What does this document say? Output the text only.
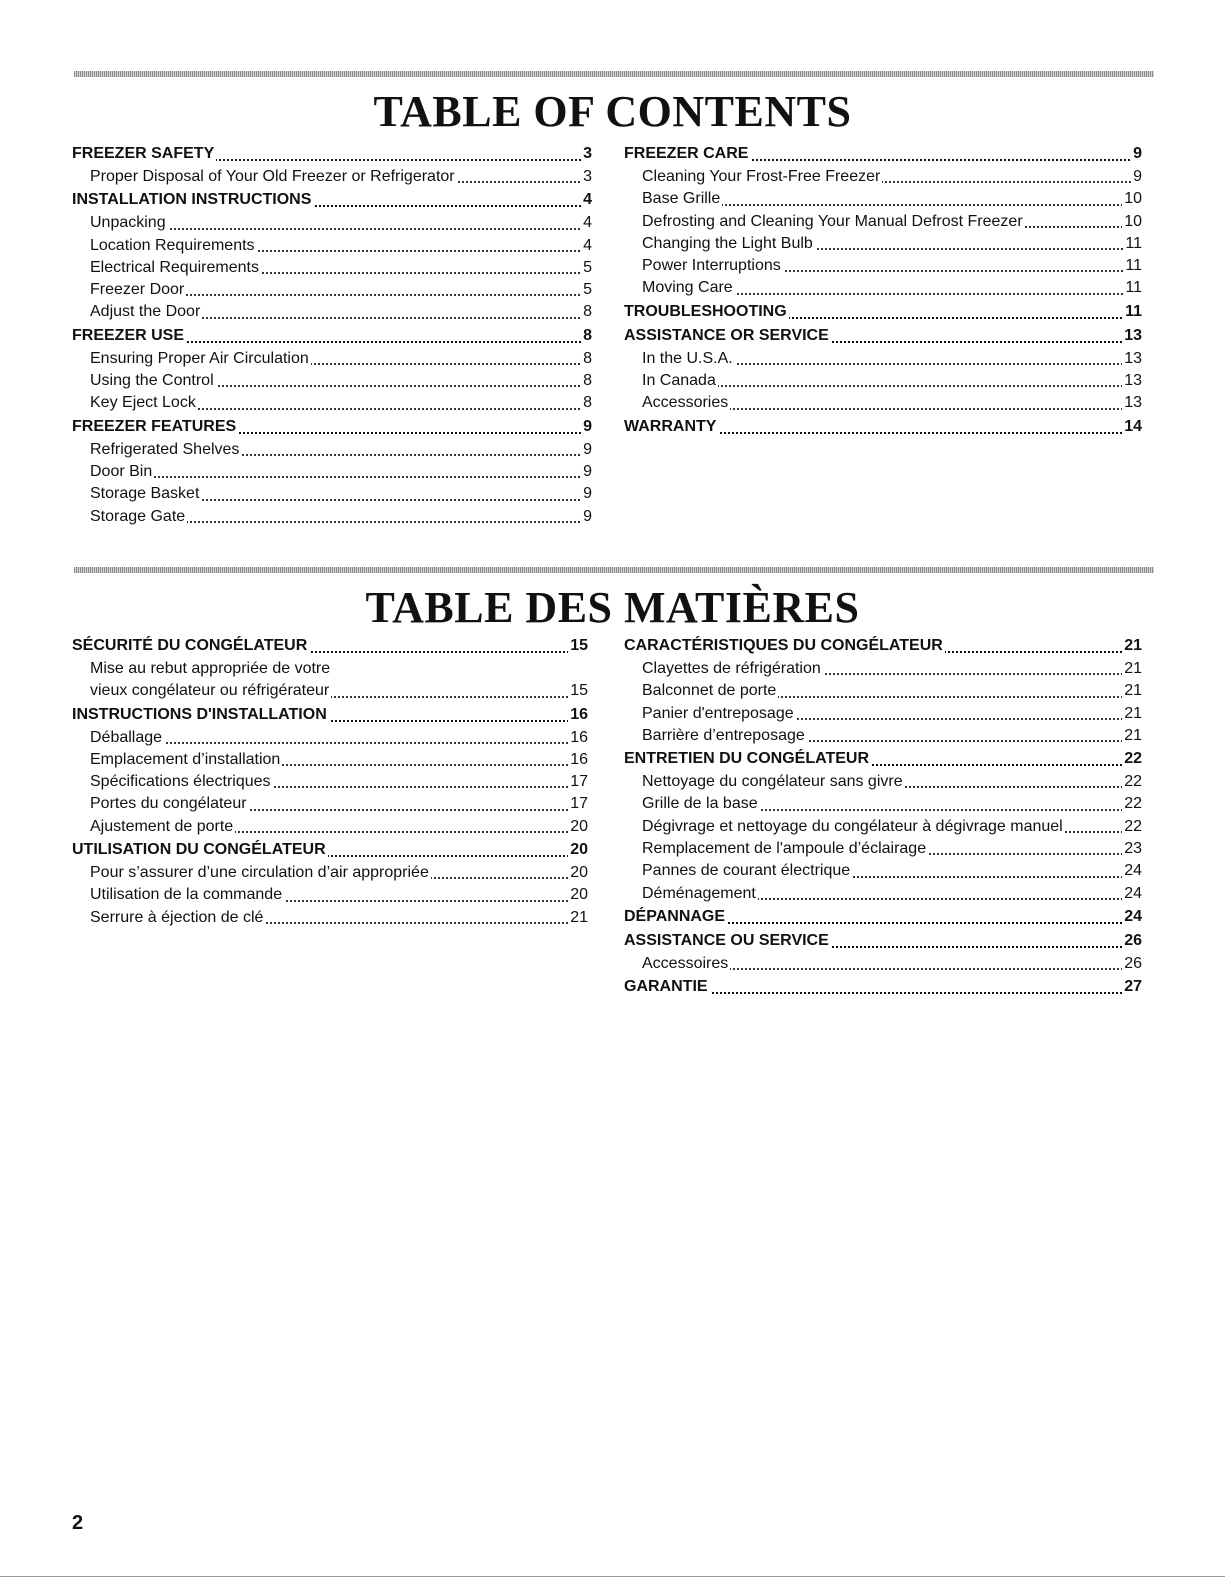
TABLE OF CONTENTS
FREEZER SAFETY	3
Proper Disposal of Your Old Freezer or Refrigerator	3
INSTALLATION INSTRUCTIONS	4
Unpacking	4
Location Requirements	4
Electrical Requirements	5
Freezer Door	5
Adjust the Door	8
FREEZER USE	8
Ensuring Proper Air Circulation	8
Using the Control	8
Key Eject Lock	8
FREEZER FEATURES	9
Refrigerated Shelves	9
Door Bin	9
Storage Basket	9
Storage Gate	9
FREEZER CARE	9
Cleaning Your Frost-Free Freezer	9
Base Grille	10
Defrosting and Cleaning Your Manual Defrost Freezer	10
Changing the Light Bulb	11
Power Interruptions	11
Moving Care	11
TROUBLESHOOTING	11
ASSISTANCE OR SERVICE	13
In the U.S.A.	13
In Canada	13
Accessories	13
WARRANTY	14
TABLE DES MATIÈRES
SÉCURITÉ DU CONGÉLATEUR	15
Mise au rebut appropriée de votre
vieux congélateur ou réfrigérateur	15
INSTRUCTIONS D'INSTALLATION	16
Déballage	16
Emplacement d’installation	16
Spécifications électriques	17
Portes du congélateur	17
Ajustement de porte	20
UTILISATION DU CONGÉLATEUR	20
Pour s’assurer d’une circulation d’air appropriée	20
Utilisation de la commande	20
Serrure à éjection de clé	21
CARACTÉRISTIQUES DU CONGÉLATEUR	21
Clayettes de réfrigération	21
Balconnet de porte	21
Panier d'entreposage	21
Barrière d’entreposage	21
ENTRETIEN DU CONGÉLATEUR	22
Nettoyage du congélateur sans givre	22
Grille de la base	22
Dégivrage et nettoyage du congélateur à dégivrage manuel	22
Remplacement de l'ampoule d’éclairage	23
Pannes de courant électrique	24
Déménagement	24
DÉPANNAGE	24
ASSISTANCE OU SERVICE	26
Accessoires	26
GARANTIE	27
2
